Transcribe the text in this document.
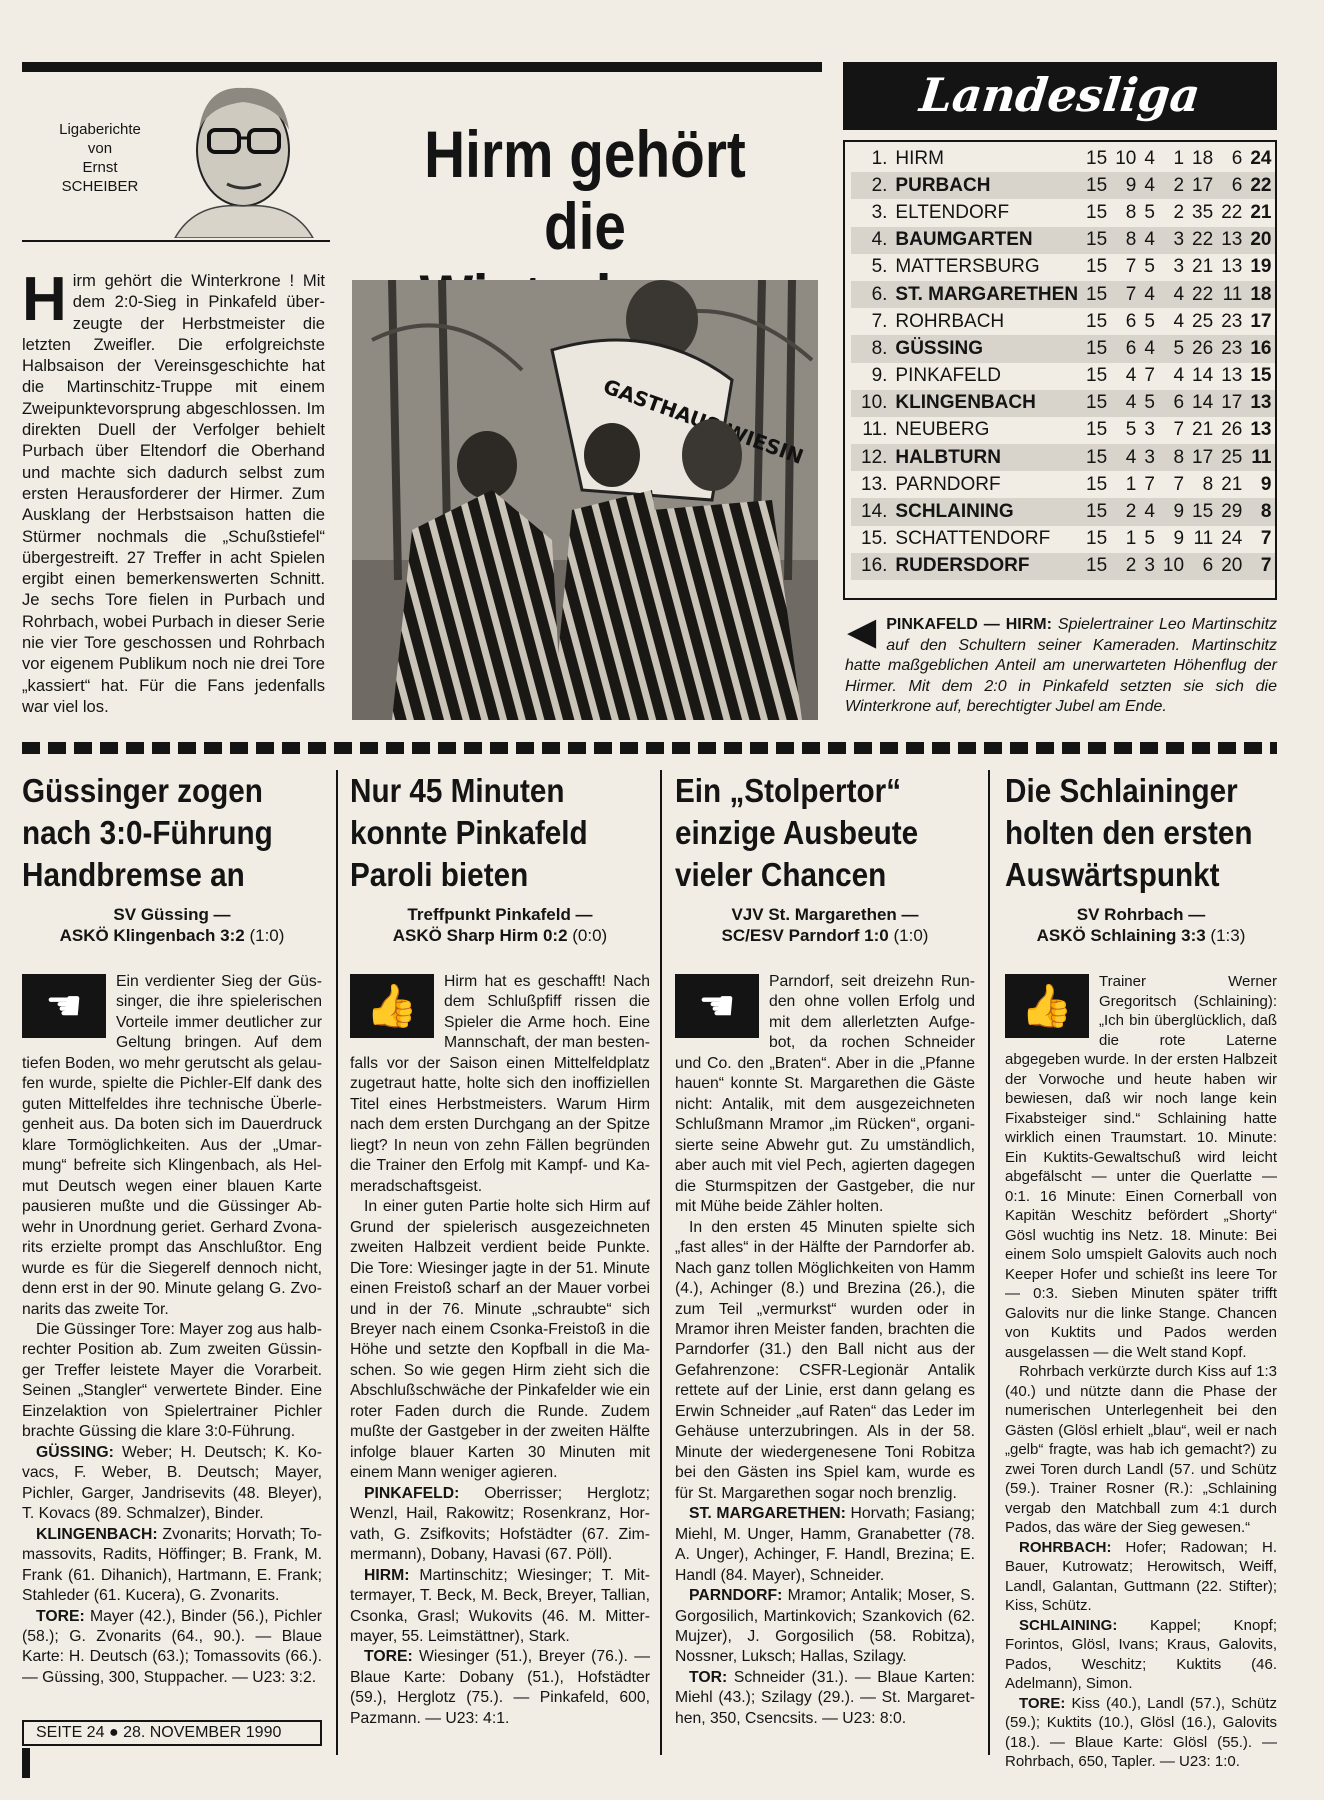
Landesliga
Ligaberichte
von
Ernst
SCHEIBER	Hirm gehört
die
H irm gehört die Winterkrone ! Mit dem 2:0-Sieg in Pinkafeld überzeugte der Herbstmeister die letzten Zweifler. Die erfolgreichste Halbsaison der Vereinsgeschichte hat die Martinschitz-Truppe mit einem Zweipunktevorsprung abgeschlossen. Im direkten Duell der Verfolger behielt Purbach über Eltendorf die Oberhand und machte sich dadurch selbst zum ersten Herausforderer der Hirmer. Zum Ausklang der Herbstsaison hatten die Stürmer nochmals die „Schußstiefel“ übergestreift. 27 Treffer in acht Spielen ergibt einen bemerkenswerten Schnitt. Je sechs Tore fielen in Purbach und Rohrbach, wobei Purbach in dieser Serie nie vier Tore geschossen und Rohrbach vor eigenem Publikum noch nie drei Tore „kassiert“ hat. Für die Fans jedenfalls war viel los.
GASTHAUS WIESIN
1.	HIRM	15	10	4	1	18	6	24
2.	PURBACH	15	9	4	2	17	6	22
3.	ELTENDORF	15	8	5	2	35	22	21
4.	BAUMGARTEN	15	8	4	3	22	13	20
5.	MATTERSBURG	15	7	5	3	21	13	19
6.	ST. MARGARETHEN	15	7	4	4	22	11	18
7.	ROHRBACH	15	6	5	4	25	23	17
8.	GÜSSING	15	6	4	5	26	23	16
9.	PINKAFELD	15	4	7	4	14	13	15
10.	KLINGENBACH	15	4	5	6	14	17	13
11.	NEUBERG	15	5	3	7	21	26	13
12.	HALBTURN	15	4	3	8	17	25	11
13.	PARNDORF	15	1	7	7	8	21	9
14.	SCHLAINING	15	2	4	9	15	29	8
15.	SCHATTENDORF	15	1	5	9	11	24	7
16.	RUDERSDORF	15	2	3	10	6	20	7
◀ PINKAFELD — HIRM: Spielertrainer Leo Martinschitz auf den Schultern seiner Kameraden. Martinschitz hatte maßgeblichen Anteil am unerwarteten Höhenflug der Hirmer. Mit dem 2:0 in Pinkafeld setzten sie sich die Winterkrone auf, berechtigter Jubel am Ende.
Güssinger zogen nach 3:0-Führung Handbremse an
SV Güssing —
ASKÖ Klingenbach 3:2 (1:0)
☚

Ein verdienter Sieg der Güssinger, die ihre spielerischen Vorteile immer deutlicher zur Geltung bringen. Auf dem tiefen Boden, wo mehr gerutscht als gelaufen wurde, spielte die Pichler-Elf dank des guten Mittelfeldes ihre technische Überlegenheit aus. Da boten sich im Dauerdruck klare Tormöglichkeiten. Aus der „Umarmung“ befreite sich Klingenbach, als Helmut Deutsch wegen einer blauen Karte pausieren mußte und die Güssinger Abwehr in Unordnung geriet. Gerhard Zvonarits erzielte prompt das Anschlußtor. Eng wurde es für die Siegerelf dennoch nicht, denn erst in der 90. Minute gelang G. Zvonarits das zweite Tor.

Die Güssinger Tore: Mayer zog aus halbrechter Position ab. Zum zweiten Güssinger Treffer leistete Mayer die Vorarbeit. Seinen „Stangler“ verwertete Binder. Eine Einzelaktion von Spielertrainer Pichler brachte Güssing die klare 3:0-Führung.

GÜSSING: Weber; H. Deutsch; K. Kovacs, F. Weber, B. Deutsch; Mayer, Pichler, Garger, Jandrisevits (48. Bleyer), T. Kovacs (89. Schmalzer), Binder.

KLINGENBACH: Zvonarits; Horvath; Tomassovits, Radits, Höffinger; B. Frank, M. Frank (61. Dihanich), Hartmann, E. Frank; Stahleder (61. Kucera), G. Zvonarits.

TORE: Mayer (42.), Binder (56.), Pichler (58.); G. Zvonarits (64., 90.). — Blaue Karte: H. Deutsch (63.); Tomassovits (66.). — Güssing, 300, Stuppacher. — U23: 3:2.

Nur 45 Minuten konnte Pinkafeld Paroli bieten
Treffpunkt Pinkafeld —
ASKÖ Sharp Hirm 0:2 (0:0)
👍

Hirm hat es geschafft! Nach dem Schlußpfiff rissen die Spieler die Arme hoch. Eine Mannschaft, der man bestenfalls vor der Saison einen Mittelfeldplatz zugetraut hatte, holte sich den inoffiziellen Titel eines Herbstmeisters. Warum Hirm nach dem ersten Durchgang an der Spitze liegt? In neun von zehn Fällen begründen die Trainer den Erfolg mit Kampf- und Kameradschaftsgeist.

In einer guten Partie holte sich Hirm auf Grund der spielerisch ausgezeichneten zweiten Halbzeit verdient beide Punkte. Die Tore: Wiesinger jagte in der 51. Minute einen Freistoß scharf an der Mauer vorbei und in der 76. Minute „schraubte“ sich Breyer nach einem Csonka-Freistoß in die Höhe und setzte den Kopfball in die Maschen. So wie gegen Hirm zieht sich die Abschlußschwäche der Pinkafelder wie ein roter Faden durch die Runde. Zudem mußte der Gastgeber in der zweiten Hälfte infolge blauer Karten 30 Minuten mit einem Mann weniger agieren.

PINKAFELD: Oberrisser; Herglotz; Wenzl, Hail, Rakowitz; Rosenkranz, Horvath, G. Zsifkovits; Hofstädter (67. Zimmermann), Dobany, Havasi (67. Pöll).

HIRM: Martinschitz; Wiesinger; T. Mittermayer, T. Beck, M. Beck, Breyer, Tallian, Csonka, Grasl; Wukovits (46. M. Mittermayer, 55. Leimstättner), Stark.

TORE: Wiesinger (51.), Breyer (76.). — Blaue Karte: Dobany (51.), Hofstädter (59.), Herglotz (75.). — Pinkafeld, 600, Pazmann. — U23: 4:1.

Ein „Stolpertor“ einzige Ausbeute vieler Chancen
VJV St. Margarethen —
SC/ESV Parndorf 1:0 (1:0)
☚

Parndorf, seit dreizehn Runden ohne vollen Erfolg und mit dem allerletzten Aufgebot, da rochen Schneider und Co. den „Braten“. Aber in die „Pfanne hauen“ konnte St. Margarethen die Gäste nicht: Antalik, mit dem ausgezeichneten Schlußmann Mramor „im Rücken“, organisierte seine Abwehr gut. Zu umständlich, aber auch mit viel Pech, agierten dagegen die Sturmspitzen der Gastgeber, die nur mit Mühe beide Zähler holten.

In den ersten 45 Minuten spielte sich „fast alles“ in der Hälfte der Parndorfer ab. Nach ganz tollen Möglichkeiten von Hamm (4.), Achinger (8.) und Brezina (26.), die zum Teil „vermurkst“ wurden oder in Mramor ihren Meister fanden, brachten die Parndorfer (31.) den Ball nicht aus der Gefahrenzone: CSFR-Legionär Antalik rettete auf der Linie, erst dann gelang es Erwin Schneider „auf Raten“ das Leder im Gehäuse unterzubringen. Als in der 58. Minute der wiedergenesene Toni Robitza bei den Gästen ins Spiel kam, wurde es für St. Margarethen sogar noch brenzlig.

ST. MARGARETHEN: Horvath; Fasiang; Miehl, M. Unger, Hamm, Granabetter (78. A. Unger), Achinger, F. Handl, Brezina; E. Handl (84. Mayer), Schneider.

PARNDORF: Mramor; Antalik; Moser, S. Gorgosilich, Martinkovich; Szankovich (62. Mujzer), J. Gorgosilich (58. Robitza), Nossner, Luksch; Hallas, Szilagy.

TOR: Schneider (31.). — Blaue Karten: Miehl (43.); Szilagy (29.). — St. Margarethen, 350, Csencsits. — U23: 8:0.

Die Schlaininger holten den ersten Auswärtspunkt
SV Rohrbach —
ASKÖ Schlaining 3:3 (1:3)
👍

Trainer Werner Gregoritsch (Schlaining): „Ich bin überglücklich, daß die rote Laterne abgegeben wurde. In der ersten Halbzeit der Vorwoche und heute haben wir bewiesen, daß wir noch lange kein Fixabsteiger sind.“ Schlaining hatte wirklich einen Traumstart. 10. Minute: Ein Kuktits-Gewaltschuß wird leicht abgefälscht — unter die Querlatte — 0:1. 16 Minute: Einen Cornerball von Kapitän Weschitz befördert „Shorty“ Gösl wuchtig ins Netz. 18. Minute: Bei einem Solo umspielt Galovits auch noch Keeper Hofer und schießt ins leere Tor — 0:3. Sieben Minuten später trifft Galovits nur die linke Stange. Chancen von Kuktits und Pados werden ausgelassen — die Welt stand Kopf.

Rohrbach verkürzte durch Kiss auf 1:3 (40.) und nützte dann die Phase der numerischen Unterlegenheit bei den Gästen (Glösl erhielt „blau“, weil er nach „gelb“ fragte, was hab ich gemacht?) zu zwei Toren durch Landl (57. und Schütz (59.). Trainer Rosner (R.): „Schlaining vergab den Matchball zum 4:1 durch Pados, das wäre der Sieg gewesen.“

ROHRBACH: Hofer; Radowan; H. Bauer, Kutrowatz; Herowitsch, Weiff, Landl, Galantan, Guttmann (22. Stifter); Kiss, Schütz.

SCHLAINING: Kappel; Knopf; Forintos, Glösl, Ivans; Kraus, Galovits, Pados, Weschitz; Kuktits (46. Adelmann), Simon.

TORE: Kiss (40.), Landl (57.), Schütz (59.); Kuktits (10.), Glösl (16.), Galovits (18.). — Blaue Karte: Glösl (55.). — Rohrbach, 650, Tapler. — U23: 1:0.

SEITE 24 ● 28. NOVEMBER 1990
